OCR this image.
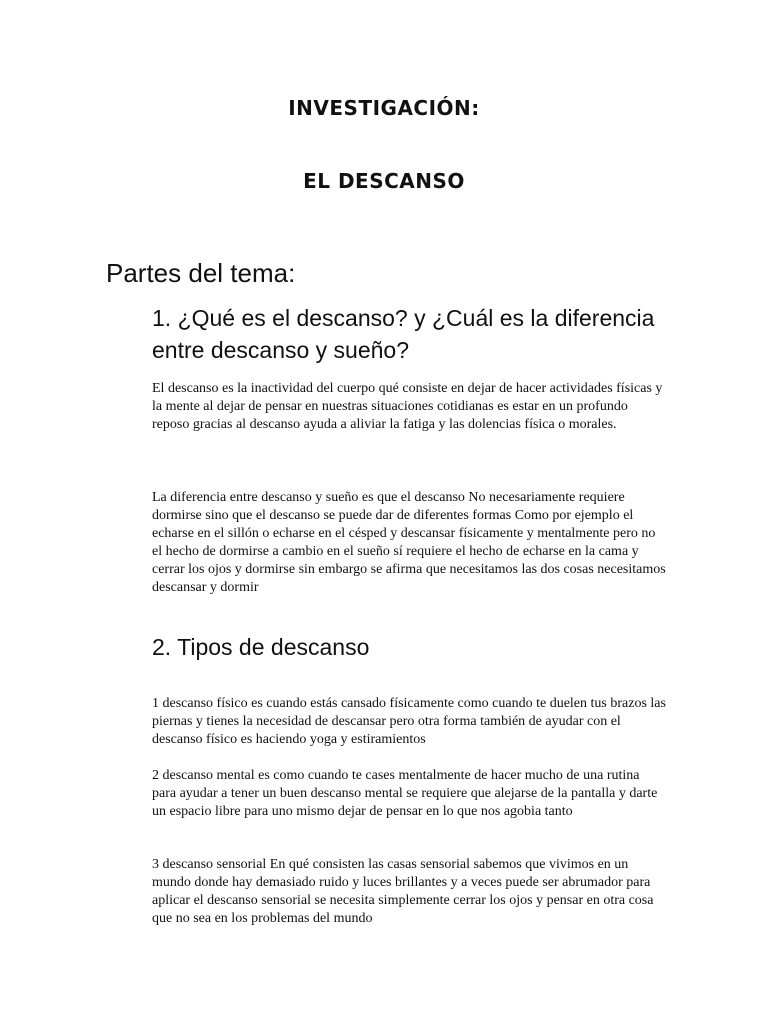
INVESTIGACIÓN:
EL DESCANSO
Partes del tema:
1. ¿Qué es el descanso? y ¿Cuál es la diferencia entre descanso y sueño?
El descanso es la inactividad del cuerpo qué consiste en dejar de hacer actividades físicas y la mente al dejar de pensar en nuestras situaciones cotidianas es estar en un profundo reposo gracias al descanso ayuda a aliviar la fatiga y las dolencias física o morales.
La diferencia entre descanso y sueño es que el descanso No necesariamente requiere dormirse sino que el descanso se puede dar de diferentes formas Como por ejemplo el echarse en el sillón o echarse en el césped y descansar físicamente y mentalmente pero no el hecho de dormirse a cambio en el sueño sí requiere el hecho de echarse en la cama y cerrar los ojos y dormirse sin embargo se afirma que necesitamos las dos cosas necesitamos descansar y dormir
2. Tipos de descanso
1 descanso físico es cuando estás cansado físicamente como cuando te duelen tus brazos las piernas y tienes la necesidad de descansar pero otra forma también de ayudar con el descanso físico es haciendo yoga y estiramientos
2 descanso mental es como cuando te cases mentalmente de hacer mucho de una rutina para ayudar a tener un buen descanso mental se requiere que alejarse de la pantalla y darte un espacio libre para uno mismo dejar de pensar en lo que nos agobia tanto
3 descanso sensorial En qué consisten las casas sensorial sabemos que vivimos en un mundo donde hay demasiado ruido y luces brillantes y a veces puede ser abrumador para aplicar el descanso sensorial se necesita simplemente cerrar los ojos y pensar en otra cosa que no sea en los problemas del mundo
